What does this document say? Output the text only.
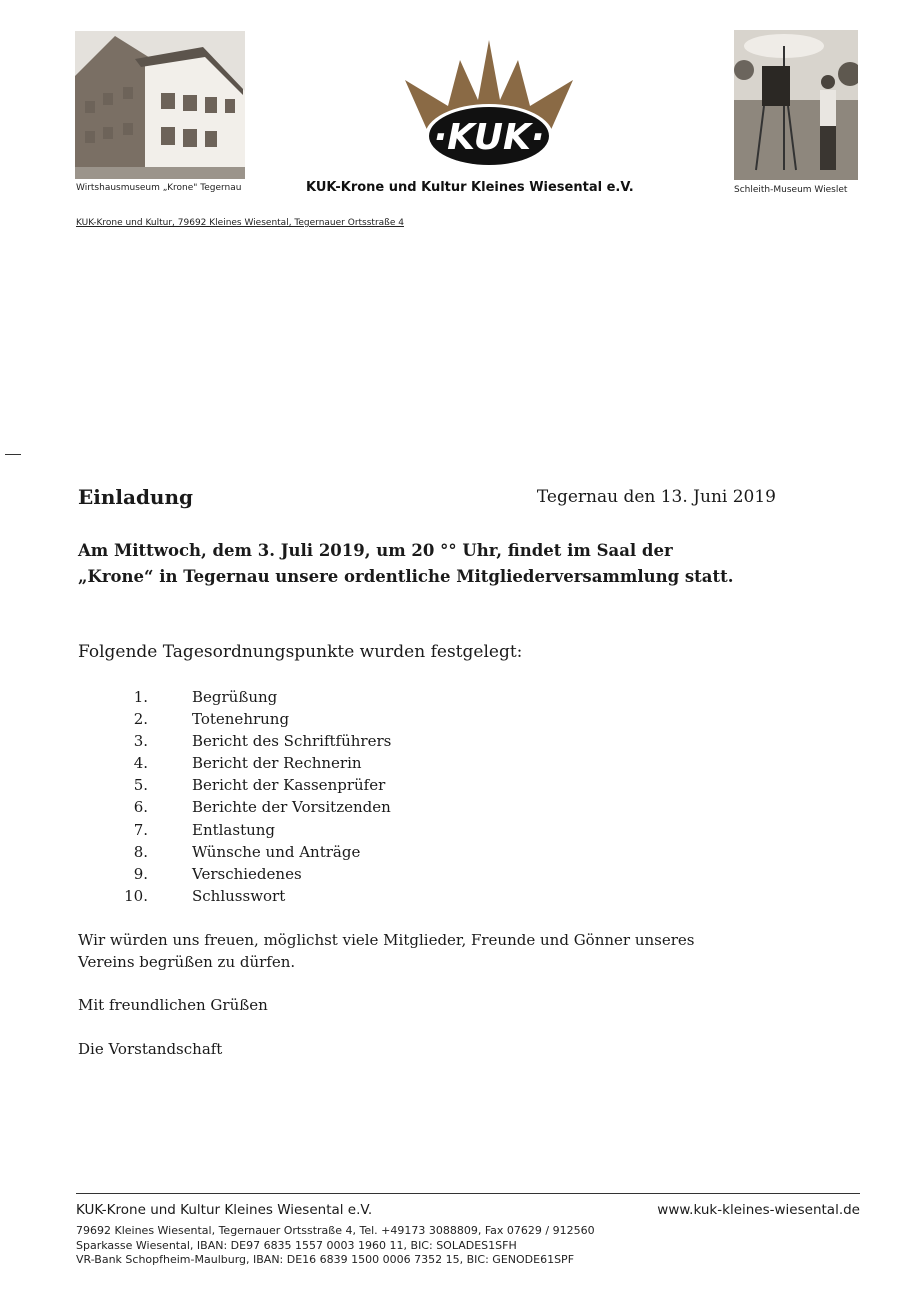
Wirtshausmuseum „Krone" Tegernau
·KUK·
KUK-Krone und Kultur Kleines Wiesental e.V.	Schleith-Museum Wieslet
KUK-Krone und Kultur, 79692 Kleines Wiesental, Tegernauer Ortsstraße 4
Einladung	Tegernau den 13. Juni 2019
Am Mittwoch, dem 3. Juli 2019, um 20 °° Uhr, findet im Saal der
„Krone“ in Tegernau unsere ordentliche Mitgliederversammlung statt.
Folgende Tagesordnungspunkte wurden festgelegt:
1.	Begrüßung
2.	Totenehrung
3.	Bericht des Schriftführers
4.	Bericht der Rechnerin
5.	Bericht der Kassenprüfer
6.	Berichte der Vorsitzenden
7.	Entlastung
8.	Wünsche und Anträge
9.	Verschiedenes
10.	Schlusswort
Wir würden uns freuen, möglichst viele Mitglieder, Freunde und Gönner unseres
Vereins begrüßen zu dürfen.
Mit freundlichen Grüßen
Die Vorstandschaft
KUK-Krone und Kultur Kleines Wiesental e.V.	www.kuk-kleines-wiesental.de
79692 Kleines Wiesental, Tegernauer Ortsstraße 4, Tel. +49173 3088809, Fax 07629 / 912560
Sparkasse Wiesental, IBAN: DE97 6835 1557 0003 1960 11, BIC: SOLADES1SFH
VR-Bank Schopfheim-Maulburg, IBAN: DE16 6839 1500 0006 7352 15, BIC: GENODE61SPF
